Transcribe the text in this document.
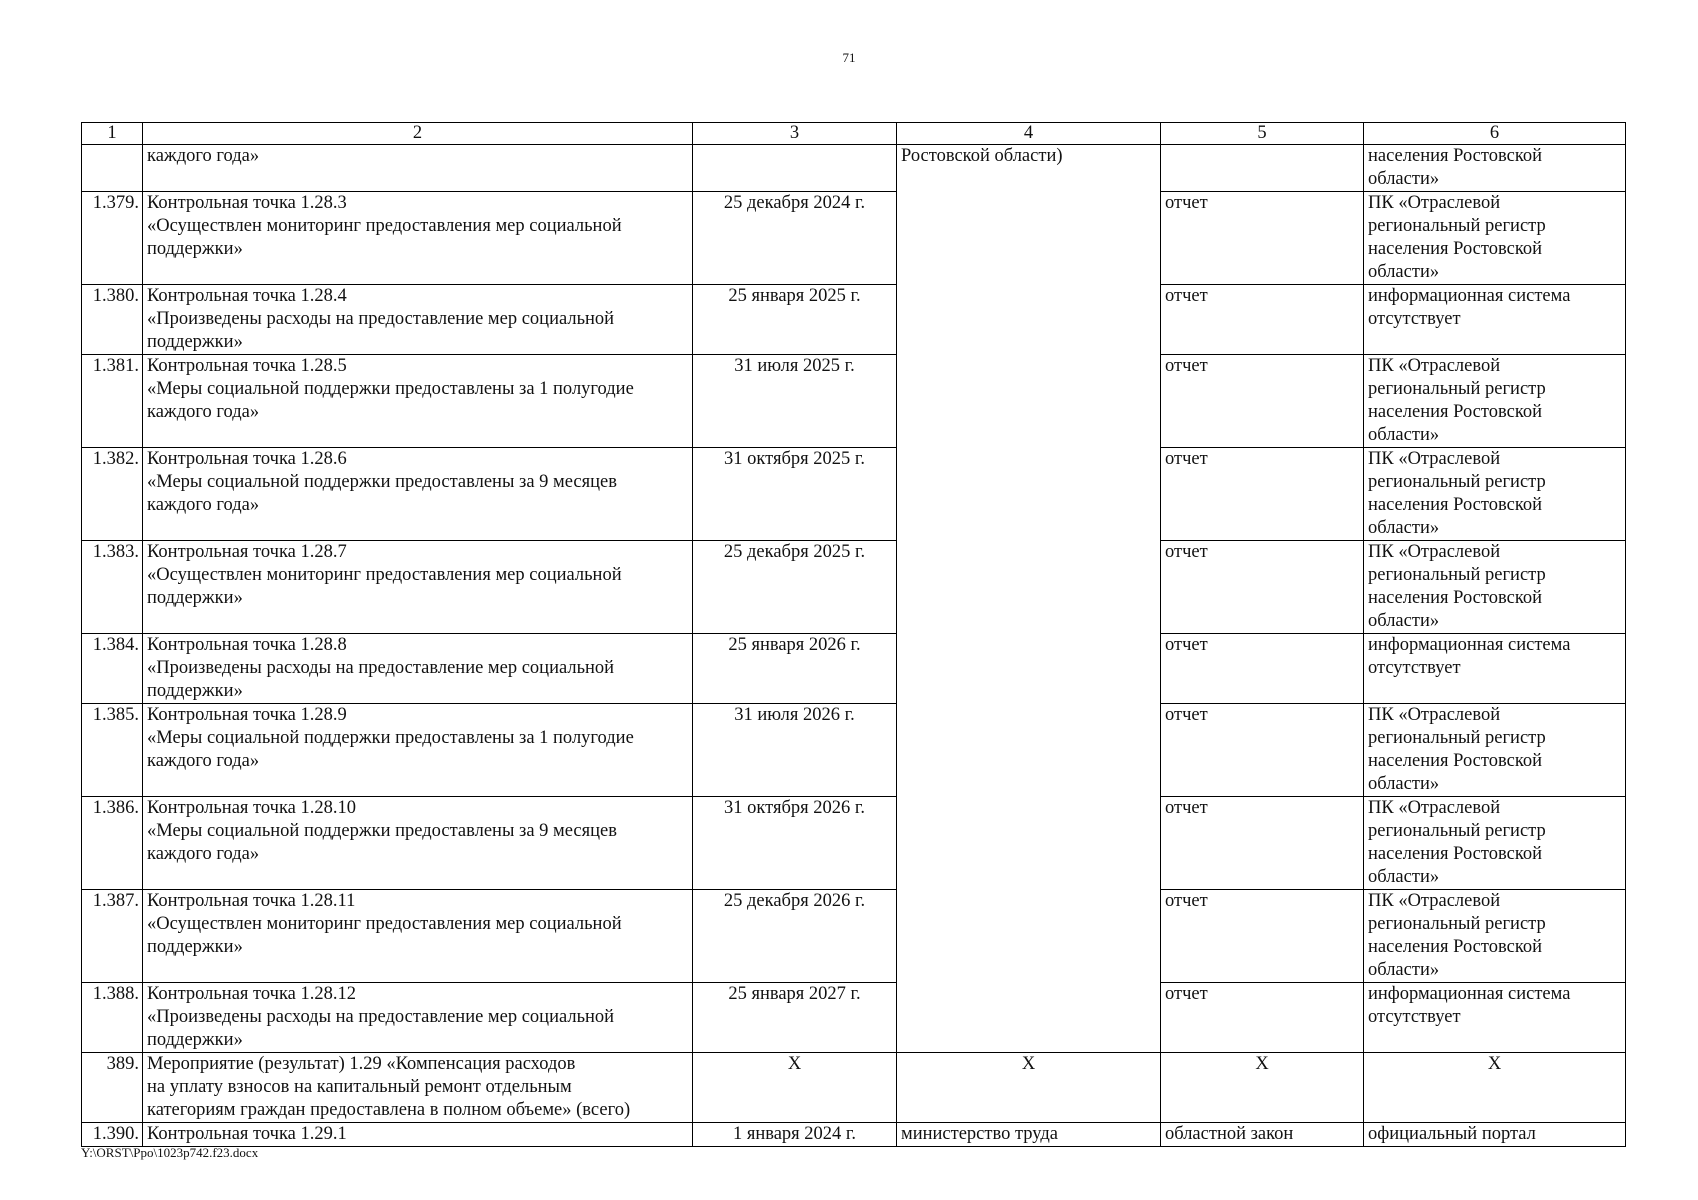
71
1	2	3	4	5	6
	каждого года»		Ростовской области)		населения Ростовской
области»

1.379.	Контрольная точка 1.28.3
«Осуществлен мониторинг предоставления мер социальной
поддержки»	25 декабря 2024 г.		отчет	ПК «Отраслевой
региональный регистр
населения Ростовской
области»

1.380.	Контрольная точка 1.28.4
«Произведены расходы на предоставление мер социальной
поддержки»	25 января 2025 г.		отчет	информационная система
отсутствует

1.381.	Контрольная точка 1.28.5
«Меры социальной поддержки предоставлены за 1 полугодие
каждого года»	31 июля 2025 г.		отчет	ПК «Отраслевой
региональный регистр
населения Ростовской
области»

1.382.	Контрольная точка 1.28.6
«Меры социальной поддержки предоставлены за 9 месяцев
каждого года»	31 октября 2025 г.		отчет	ПК «Отраслевой
региональный регистр
населения Ростовской
области»

1.383.	Контрольная точка 1.28.7
«Осуществлен мониторинг предоставления мер социальной
поддержки»	25 декабря 2025 г.		отчет	ПК «Отраслевой
региональный регистр
населения Ростовской
области»

1.384.	Контрольная точка 1.28.8
«Произведены расходы на предоставление мер социальной
поддержки»	25 января 2026 г.		отчет	информационная система
отсутствует

1.385.	Контрольная точка 1.28.9
«Меры социальной поддержки предоставлены за 1 полугодие
каждого года»	31 июля 2026 г.		отчет	ПК «Отраслевой
региональный регистр
населения Ростовской
области»

1.386.	Контрольная точка 1.28.10
«Меры социальной поддержки предоставлены за 9 месяцев
каждого года»	31 октября 2026 г.		отчет	ПК «Отраслевой
региональный регистр
населения Ростовской
области»

1.387.	Контрольная точка 1.28.11
«Осуществлен мониторинг предоставления мер социальной
поддержки»	25 декабря 2026 г.		отчет	ПК «Отраслевой
региональный регистр
населения Ростовской
области»

1.388.	Контрольная точка 1.28.12
«Произведены расходы на предоставление мер социальной
поддержки»	25 января 2027 г.		отчет	информационная система
отсутствует

389.	Мероприятие (результат) 1.29 «Компенсация расходов
на уплату взносов на капитальный ремонт отдельным
категориям граждан предоставлена в полном объеме» (всего)	X	X	X	X
1.390.	Контрольная точка 1.29.1	1 января 2024 г.	министерство труда	областной закон	официальный портал
Y:\ORST\Ppo\1023p742.f23.docx
